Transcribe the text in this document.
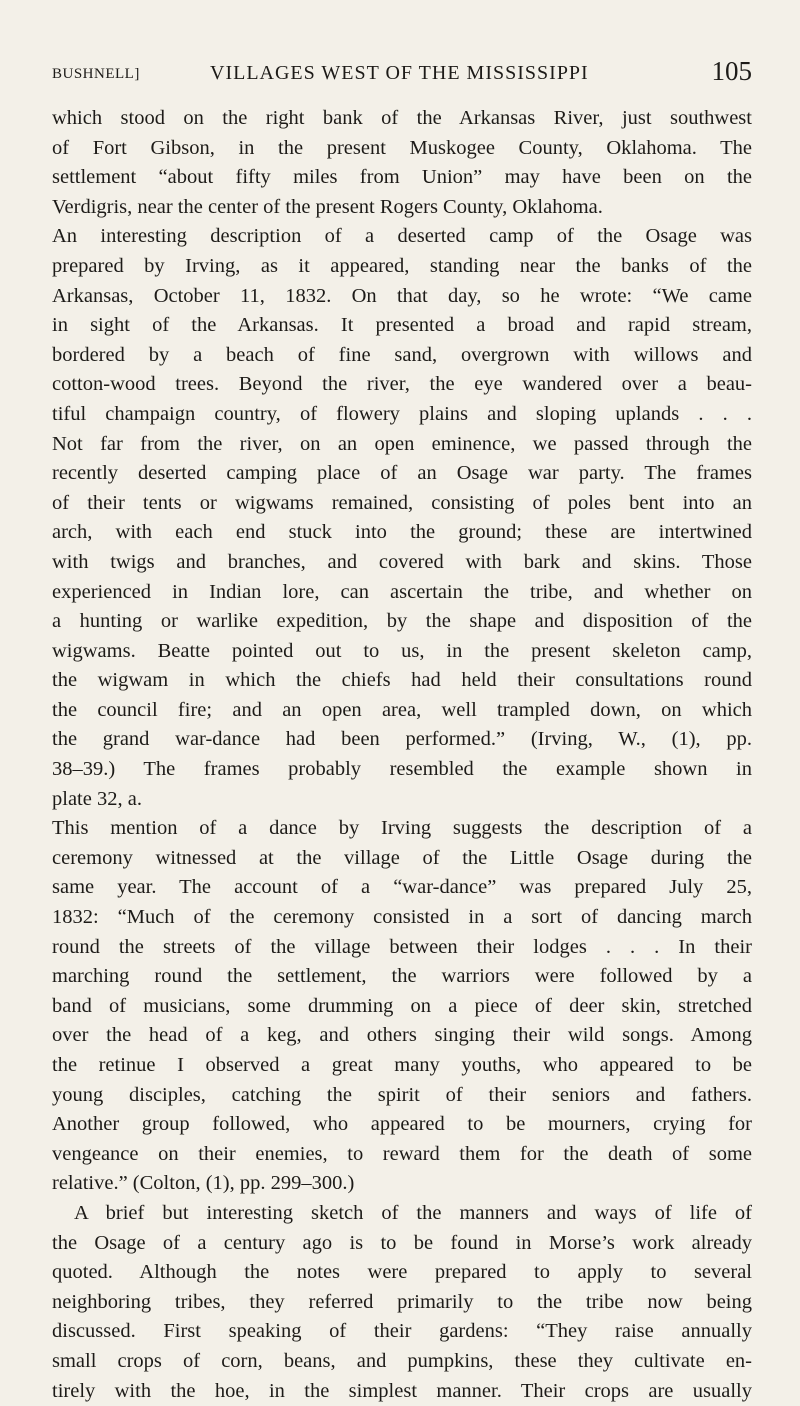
BUSHNELL]	VILLAGES WEST OF THE MISSISSIPPI	105
which stood on the right bank of the Arkansas River, just southwest
of Fort Gibson, in the present Muskogee County, Oklahoma. The
settlement “about fifty miles from Union” may have been on the
Verdigris, near the center of the present Rogers County, Oklahoma.
An interesting description of a deserted camp of the Osage was
prepared by Irving, as it appeared, standing near the banks of the
Arkansas, October 11, 1832. On that day, so he wrote: “We came
in sight of the Arkansas. It presented a broad and rapid stream,
bordered by a beach of fine sand, overgrown with willows and
cotton-wood trees. Beyond the river, the eye wandered over a beau-
tiful champaign country, of flowery plains and sloping uplands . . .
Not far from the river, on an open eminence, we passed through the
recently deserted camping place of an Osage war party. The frames
of their tents or wigwams remained, consisting of poles bent into an
arch, with each end stuck into the ground; these are intertwined
with twigs and branches, and covered with bark and skins. Those
experienced in Indian lore, can ascertain the tribe, and whether on
a hunting or warlike expedition, by the shape and disposition of the
wigwams. Beatte pointed out to us, in the present skeleton camp,
the wigwam in which the chiefs had held their consultations round
the council fire; and an open area, well trampled down, on which
the grand war-dance had been performed.” (Irving, W., (1), pp.
38–39.) The frames probably resembled the example shown in
plate 32, a.
This mention of a dance by Irving suggests the description of a
ceremony witnessed at the village of the Little Osage during the
same year. The account of a “war-dance” was prepared July 25,
1832: “Much of the ceremony consisted in a sort of dancing march
round the streets of the village between their lodges . . . In their
marching round the settlement, the warriors were followed by a
band of musicians, some drumming on a piece of deer skin, stretched
over the head of a keg, and others singing their wild songs. Among
the retinue I observed a great many youths, who appeared to be
young disciples, catching the spirit of their seniors and fathers.
Another group followed, who appeared to be mourners, crying for
vengeance on their enemies, to reward them for the death of some
relative.” (Colton, (1), pp. 299–300.)
A brief but interesting sketch of the manners and ways of life of
the Osage of a century ago is to be found in Morse’s work already
quoted. Although the notes were prepared to apply to several
neighboring tribes, they referred primarily to the tribe now being
discussed. First speaking of their gardens: “They raise annually
small crops of corn, beans, and pumpkins, these they cultivate en-
tirely with the hoe, in the simplest manner. Their crops are usually
